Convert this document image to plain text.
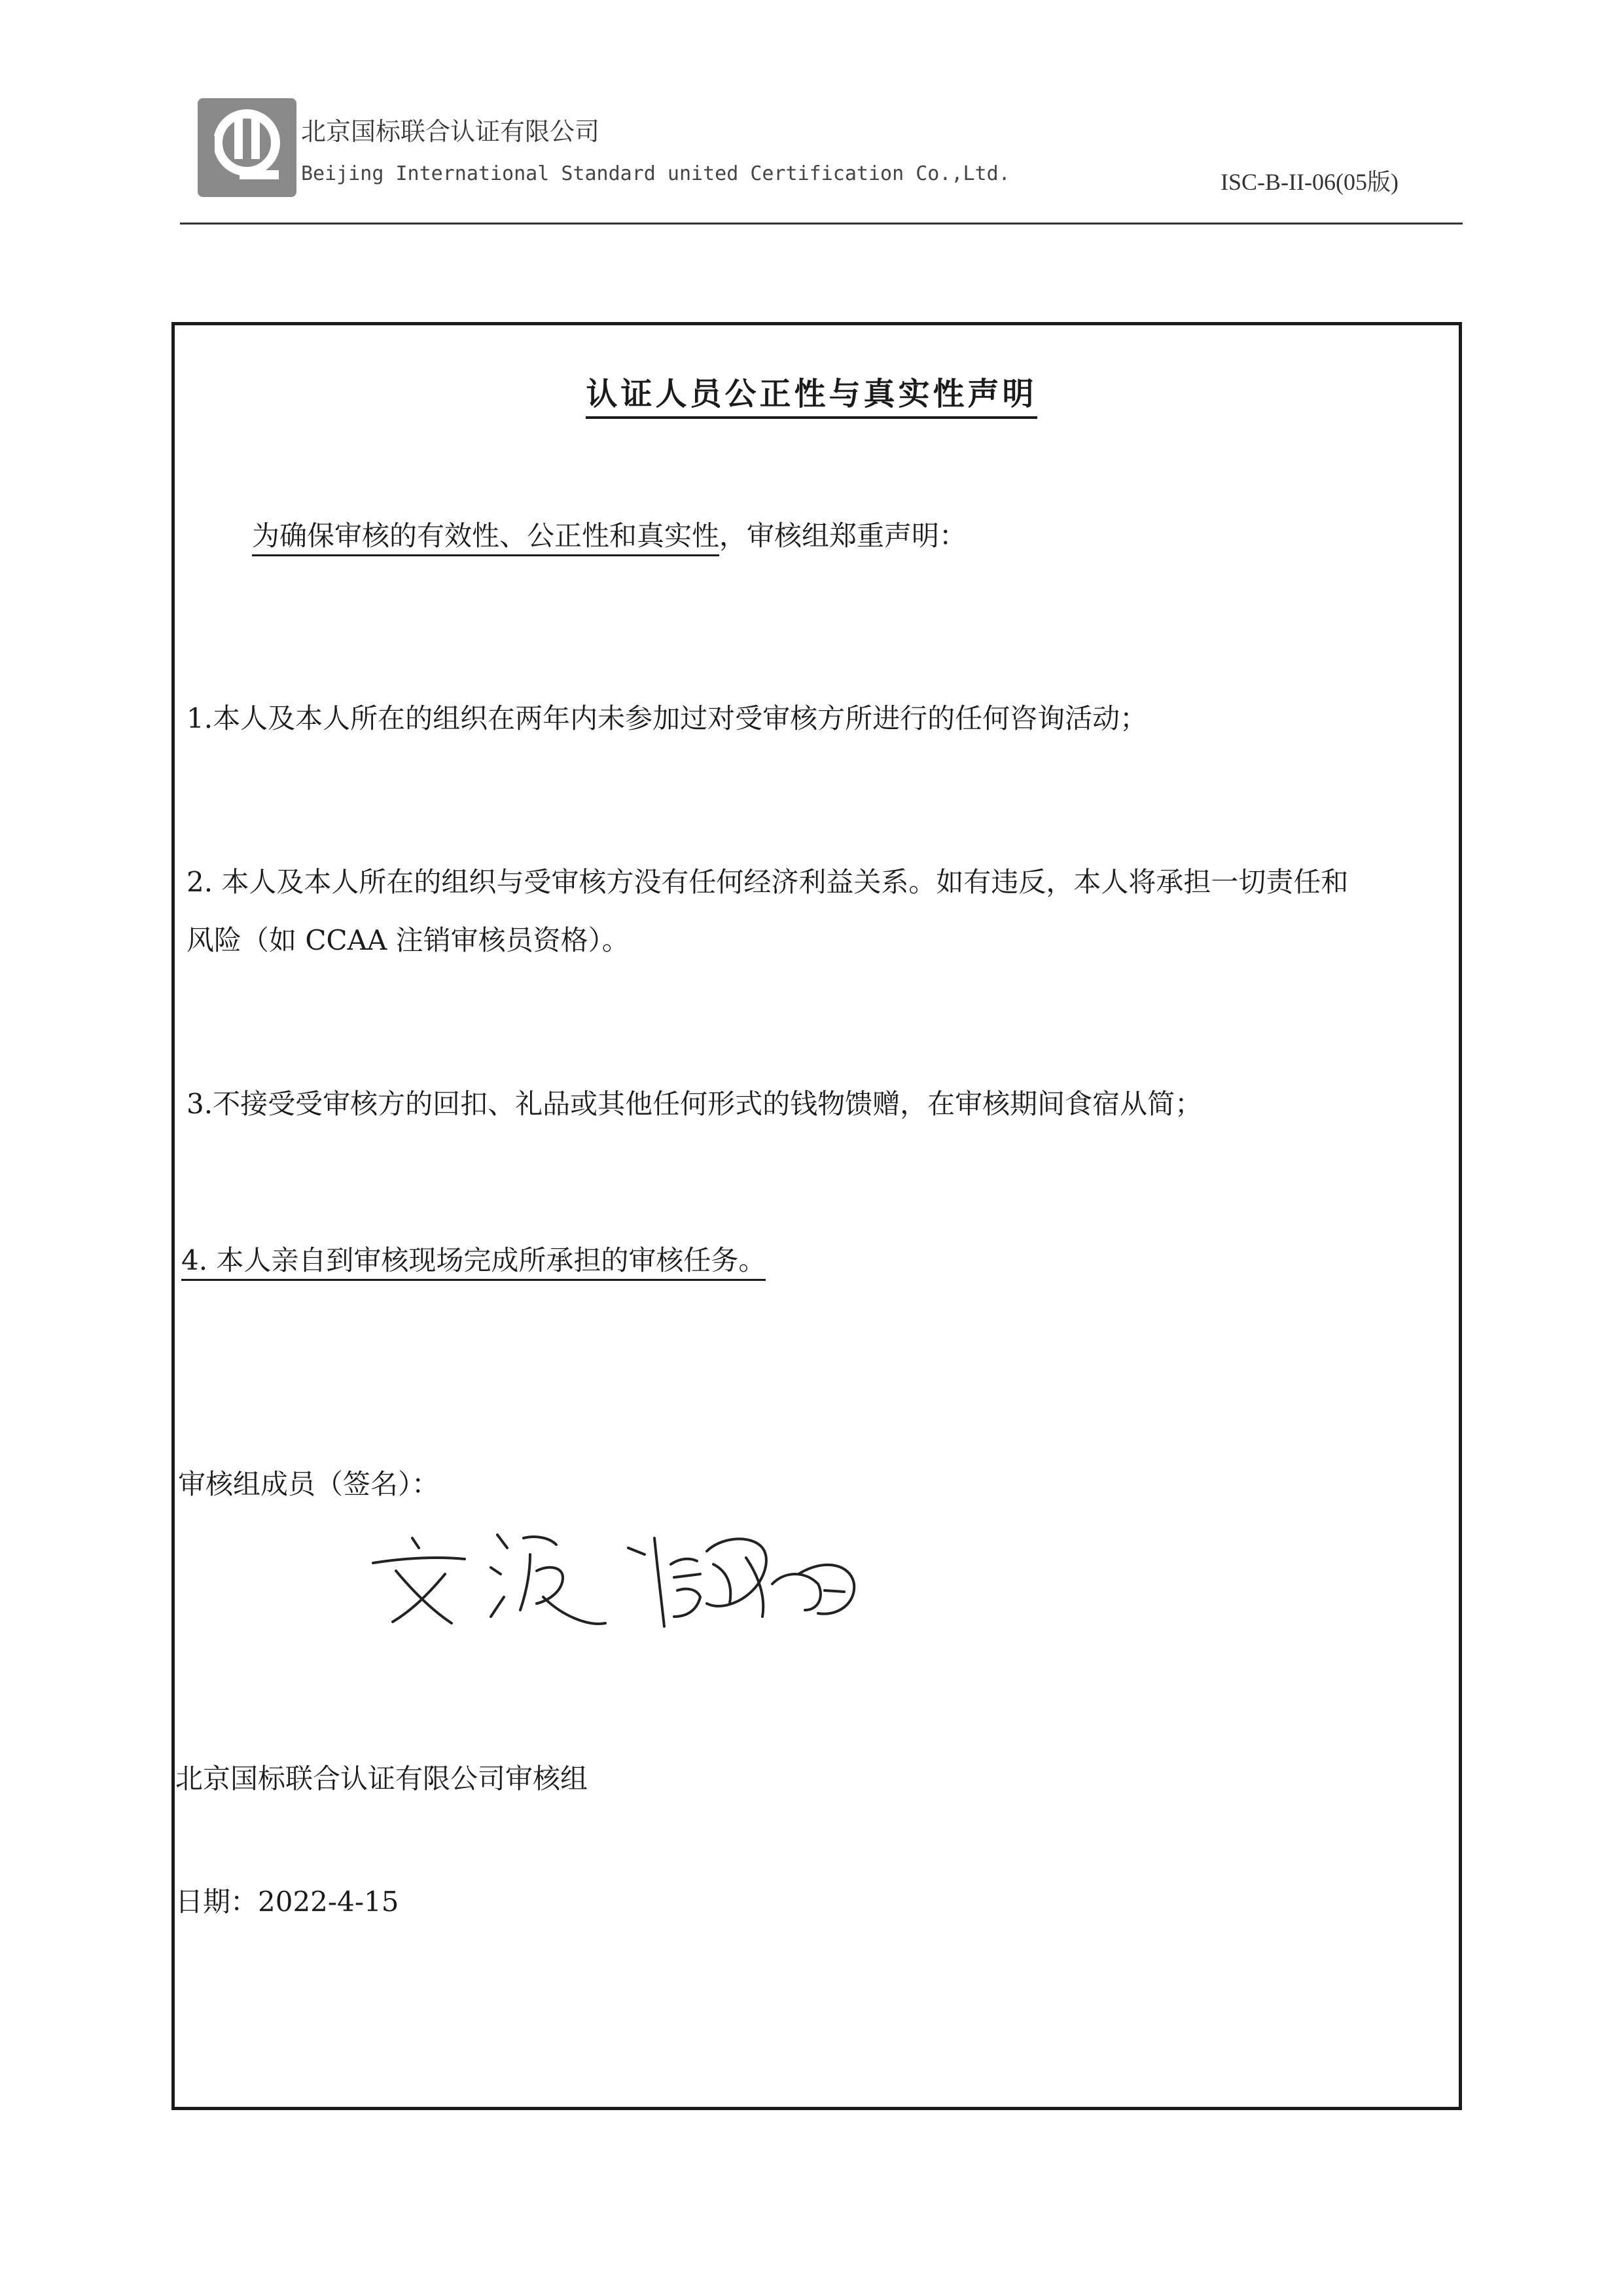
北京国标联合认证有限公司
Beijing International Standard united Certification Co.,Ltd.	ISC-B-II-06(05版)
认证人员公正性与真实性声明
为确保审核的有效性、公正性和真实性，审核组郑重声明：
1.本人及本人所在的组织在两年内未参加过对受审核方所进行的任何咨询活动；
2. 本人及本人所在的组织与受审核方没有任何经济利益关系。如有违反，本人将承担一切责任和
风险（如 CCAA 注销审核员资格）。
3.不接受受审核方的回扣、礼品或其他任何形式的钱物馈赠，在审核期间食宿从简；
4. 本人亲自到审核现场完成所承担的审核任务。
审核组成员（签名）：
北京国标联合认证有限公司审核组
日期：2022-4-15
